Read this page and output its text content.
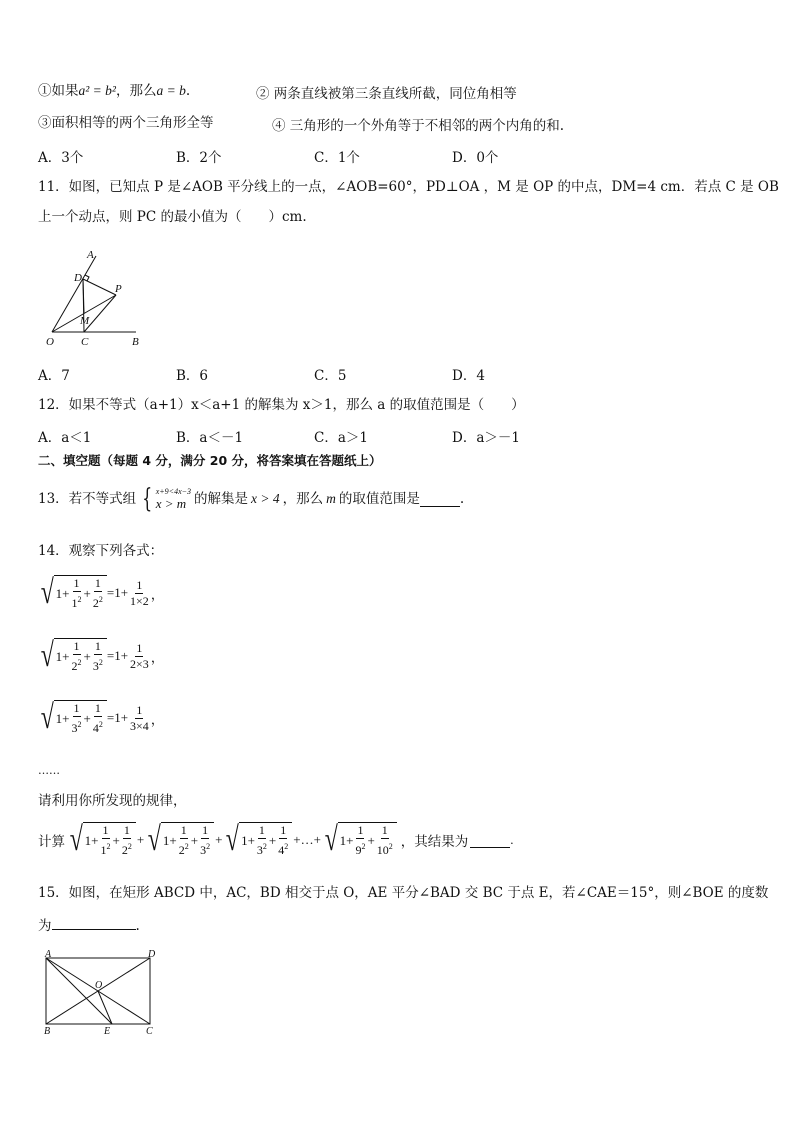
①如果a² = b²，那么a = b.	② 两条直线被第三条直线所截，同位角相等
③面积相等的两个三角形全等	④ 三角形的一个外角等于不相邻的两个内角的和.
A．3个	B．2个	C．1个	D．0个
11．如图，已知点 P 是∠AOB 平分线上的一点，∠AOB=60°，PD⊥OA ，M 是 OP 的中点，DM=4 cm．若点 C 是 OB
上一个动点，则 PC 的最小值为（　　）cm.
A
D
P
M
O C	B
A．7	B．6	C．5	D．4
12．如果不等式（a+1）x＜a+1 的解集为 x＞1，那么 a 的取值范围是（　　）
A．a＜1	B．a＜－1	C．a＞1	D．a＞－1
二、填空题（每题 4 分，满分 20 分，将答案填在答题纸上）
13．若不等式组 { x+9<4x−3
x > m 的解集是 x > 4 ，那么 m 的取值范围是	.
14．观察下列各式：
√ $1 + \frac{1}{1^2} + \frac{1}{2^2} =1+ \frac{1}{1\times 2}$ ，
√ $1 + \frac{1}{2^2} + \frac{1}{3^2} =1+ \frac{1}{2\times 3}$ ，
√ $1 + \frac{1}{3^2} + \frac{1}{4^2} =1+ \frac{1}{3\times 4}$ ，
……
请利用你所发现的规律，
计算 √ $1 + \frac{1}{1^2} + \frac{1}{2^2}$ + √ $1 + \frac{1}{2^2} + \frac{1}{3^2}$ + √ $1 + \frac{1}{3^2} + \frac{1}{4^2}$ +…+ √ $1 + \frac{1}{9^2} + \frac{1}{10^2}$ ，其结果为	.
15．如图，在矩形 ABCD 中，AC，BD 相交于点 O，AE 平分∠BAD 交 BC 于点 E，若∠CAE＝15°，则∠BOE 的度数
为	.
A	D
O
B	E	C
